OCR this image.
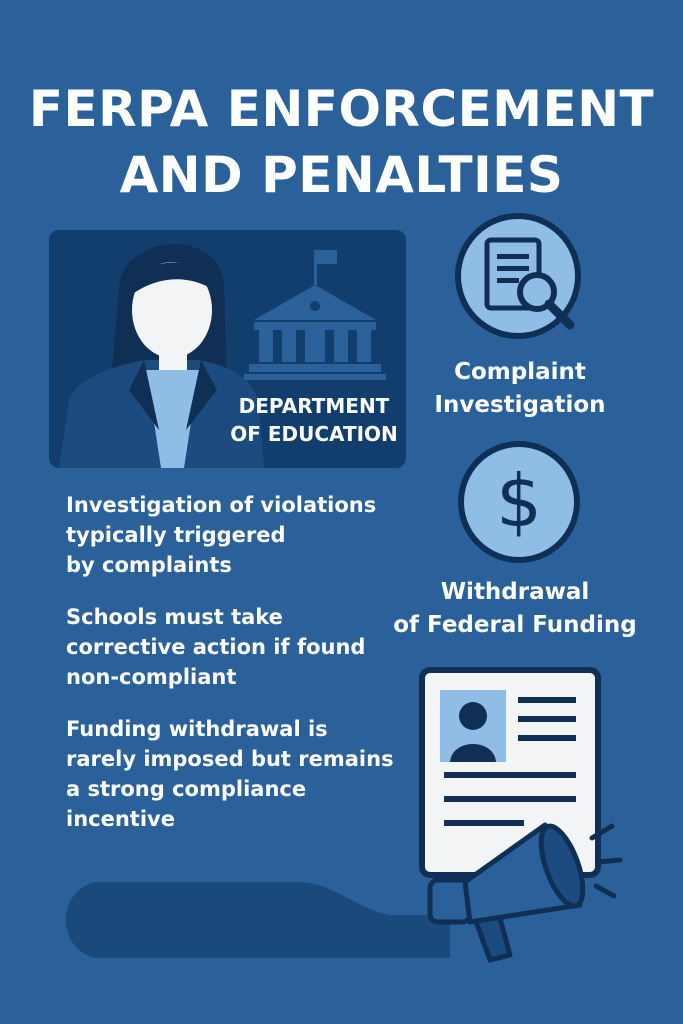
FERPA ENFORCEMENT
AND PENALTIES
DEPARTMENT
OF EDUCATION
Complaint
Investigation
$
Withdrawal
of Federal Funding
Investigation of violations
typically triggered
by complaints
Schools must take
corrective action if found
non-compliant
Funding withdrawal is
rarely imposed but remains
a strong compliance
incentive
